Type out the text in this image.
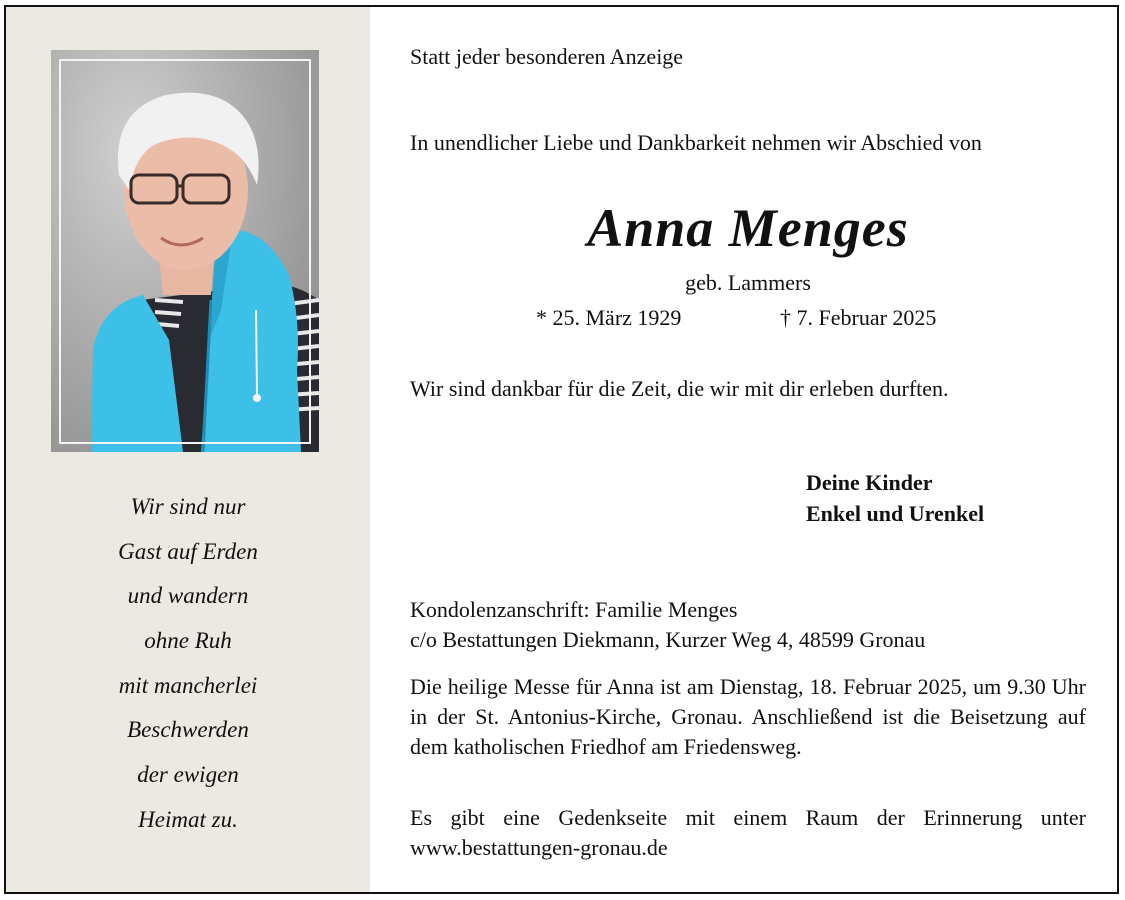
Wir sind nur
Gast auf Erden
und wandern
ohne Ruh
mit mancherlei
Beschwerden
der ewigen
Heimat zu.
Statt jeder besonderen Anzeige
In unendlicher Liebe und Dankbarkeit nehmen wir Abschied von
Anna Menges
geb. Lammers
* 25. März 1929	† 7. Februar 2025
Wir sind dankbar für die Zeit, die wir mit dir erleben durften.
Deine Kinder
Enkel und Urenkel
Kondolenzanschrift: Familie Menges
c/o Bestattungen Diekmann, Kurzer Weg 4, 48599 Gronau
Die heilige Messe für Anna ist am Dienstag, 18. Februar 2025, um 9.30 Uhr in der St. Antonius-Kirche, Gronau. Anschließend ist die Beisetzung auf dem katholischen Friedhof am Friedensweg.
Es gibt eine Gedenkseite mit einem Raum der Erinnerung unter www.bestattungen-gronau.de
